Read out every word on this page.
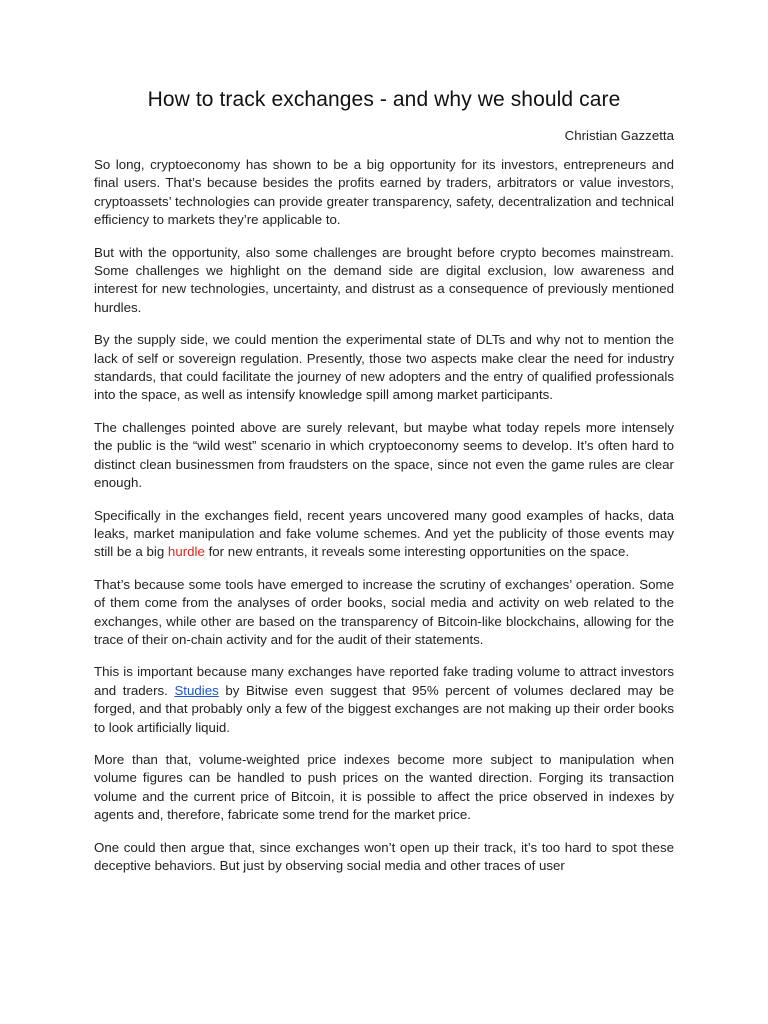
How to track exchanges - and why we should care

Christian Gazzetta

So long, cryptoeconomy has shown to be a big opportunity for its investors, entrepreneurs and final users. That’s because besides the profits earned by traders, arbitrators or value investors, cryptoassets’ technologies can provide greater transparency, safety, decentralization and technical efficiency to markets they’re applicable to.

But with the opportunity, also some challenges are brought before crypto becomes mainstream. Some challenges we highlight on the demand side are digital exclusion, low awareness and interest for new technologies, uncertainty, and distrust as a consequence of previously mentioned hurdles.

By the supply side, we could mention the experimental state of DLTs and why not to mention the lack of self or sovereign regulation. Presently, those two aspects make clear the need for industry standards, that could facilitate the journey of new adopters and the entry of qualified professionals into the space, as well as intensify knowledge spill among market participants.

The challenges pointed above are surely relevant, but maybe what today repels more intensely the public is the “wild west” scenario in which cryptoeconomy seems to develop. It’s often hard to distinct clean businessmen from fraudsters on the space, since not even the game rules are clear enough.

Specifically in the exchanges field, recent years uncovered many good examples of hacks, data leaks, market manipulation and fake volume schemes. And yet the publicity of those events may still be a big hurdle for new entrants, it reveals some interesting opportunities on the space.

That’s because some tools have emerged to increase the scrutiny of exchanges’ operation. Some of them come from the analyses of order books, social media and activity on web related to the exchanges, while other are based on the transparency of Bitcoin-like blockchains, allowing for the trace of their on-chain activity and for the audit of their statements.

This is important because many exchanges have reported fake trading volume to attract investors and traders. Studies by Bitwise even suggest that 95% percent of volumes declared may be forged, and that probably only a few of the biggest exchanges are not making up their order books to look artificially liquid.

More than that, volume-weighted price indexes become more subject to manipulation when volume figures can be handled to push prices on the wanted direction. Forging its transaction volume and the current price of Bitcoin, it is possible to affect the price observed in indexes by agents and, therefore, fabricate some trend for the market price.

One could then argue that, since exchanges won’t open up their track, it’s too hard to spot these deceptive behaviors. But just by observing social media and other traces of user
